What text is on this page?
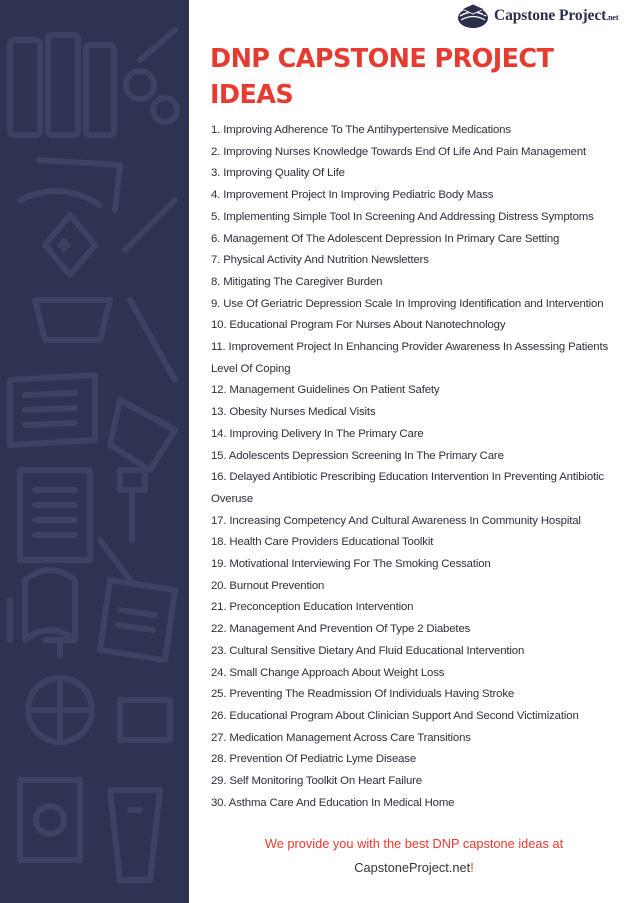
Capstone Project.net
DNP CAPSTONE PROJECT IDEAS
1. Improving Adherence To The Antihypertensive Medications
2. Improving Nurses Knowledge Towards End Of Life And Pain Management
3. Improving Quality Of Life
4. Improvement Project In Improving Pediatric Body Mass
5. Implementing Simple Tool In Screening And Addressing Distress Symptoms
6. Management Of The Adolescent Depression In Primary Care Setting
7. Physical Activity And Nutrition Newsletters
8. Mitigating The Caregiver Burden
9. Use Of Geriatric Depression Scale In Improving Identification and Intervention
10. Educational Program For Nurses About Nanotechnology
11. Improvement Project In Enhancing Provider Awareness In Assessing Patients Level Of Coping
12. Management Guidelines On Patient Safety
13. Obesity Nurses Medical Visits
14. Improving Delivery In The Primary Care
15. Adolescents Depression Screening In The Primary Care
16. Delayed Antibiotic Prescribing Education Intervention In Preventing Antibiotic Overuse
17. Increasing Competency And Cultural Awareness In Community Hospital
18. Health Care Providers Educational Toolkit
19. Motivational Interviewing For The Smoking Cessation
20. Burnout Prevention
21. Preconception Education Intervention
22. Management And Prevention Of Type 2 Diabetes
23. Cultural Sensitive Dietary And Fluid Educational Intervention
24. Small Change Approach About Weight Loss
25. Preventing The Readmission Of Individuals Having Stroke
26. Educational Program About Clinician Support And Second Victimization
27. Medication Management Across Care Transitions
28. Prevention Of Pediatric Lyme Disease
29. Self Monitoring Toolkit On Heart Failure
30. Asthma Care And Education In Medical Home
We provide you with the best DNP capstone ideas at
CapstoneProject.net!
